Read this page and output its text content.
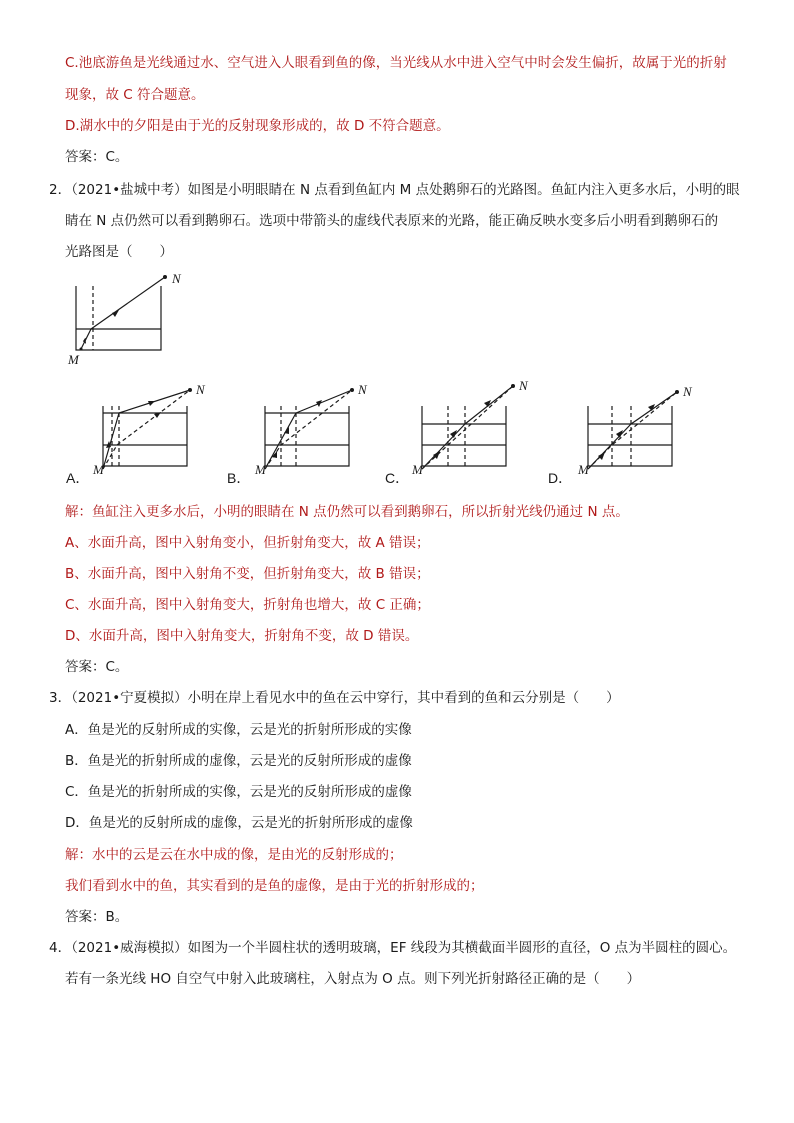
C.池底游鱼是光线通过水、空气进入人眼看到鱼的像，当光线从水中进入空气中时会发生偏折，故属于光的折射
现象，故 C 符合题意。
D.湖水中的夕阳是由于光的反射现象形成的，故 D 不符合题意。
答案：C。
2．（2021•盐城中考）如图是小明眼睛在 N 点看到鱼缸内 M 点处鹅卵石的光路图。鱼缸内注入更多水后，小明的眼
睛在 N 点仍然可以看到鹅卵石。选项中带箭头的虚线代表原来的光路，能正确反映水变多后小明看到鹅卵石的
光路图是（　　）
N
M
N
M
A．
N
M
B．
N
M
C．
N
M
D．
解：鱼缸注入更多水后，小明的眼睛在 N 点仍然可以看到鹅卵石，所以折射光线仍通过 N 点。
A、水面升高，图中入射角变小，但折射角变大，故 A 错误；
B、水面升高，图中入射角不变，但折射角变大，故 B 错误；
C、水面升高，图中入射角变大，折射角也增大，故 C 正确；
D、水面升高，图中入射角变大，折射角不变，故 D 错误。
答案：C。
3．（2021•宁夏模拟）小明在岸上看见水中的鱼在云中穿行，其中看到的鱼和云分别是（　　）
A．鱼是光的反射所成的实像，云是光的折射所形成的实像
B．鱼是光的折射所成的虚像，云是光的反射所形成的虚像
C．鱼是光的折射所成的实像，云是光的反射所形成的虚像
D．鱼是光的反射所成的虚像，云是光的折射所形成的虚像
解：水中的云是云在水中成的像，是由光的反射形成的；
我们看到水中的鱼，其实看到的是鱼的虚像，是由于光的折射形成的；
答案：B。
4．（2021•威海模拟）如图为一个半圆柱状的透明玻璃，EF 线段为其横截面半圆形的直径，O 点为半圆柱的圆心。
若有一条光线 HO 自空气中射入此玻璃柱，入射点为 O 点。则下列光折射路径正确的是（　　）
